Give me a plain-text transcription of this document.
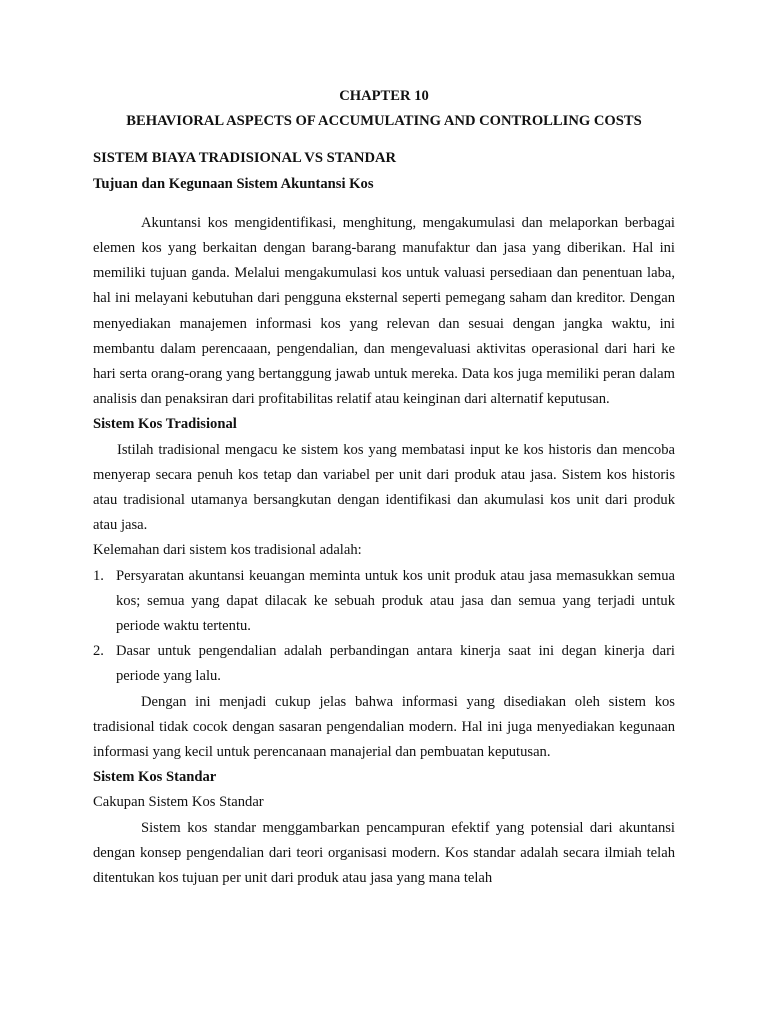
CHAPTER 10
BEHAVIORAL ASPECTS OF ACCUMULATING AND CONTROLLING COSTS
SISTEM BIAYA TRADISIONAL VS STANDAR
Tujuan dan Kegunaan Sistem Akuntansi Kos

Akuntansi kos mengidentifikasi, menghitung, mengakumulasi dan melaporkan berbagai elemen kos yang berkaitan dengan barang-barang manufaktur dan jasa yang diberikan. Hal ini memiliki tujuan ganda. Melalui mengakumulasi kos untuk valuasi persediaan dan penentuan laba, hal ini melayani kebutuhan dari pengguna eksternal seperti pemegang saham dan kreditor. Dengan menyediakan manajemen informasi kos yang relevan dan sesuai dengan jangka waktu, ini membantu dalam perencaaan, pengendalian, dan mengevaluasi aktivitas operasional dari hari ke hari serta orang-orang yang bertanggung jawab untuk mereka. Data kos juga memiliki peran dalam analisis dan penaksiran dari profitabilitas relatif atau keinginan dari alternatif keputusan.

Sistem Kos Tradisional

Istilah tradisional mengacu ke sistem kos yang membatasi input ke kos historis dan mencoba menyerap secara penuh kos tetap dan variabel per unit dari produk atau jasa. Sistem kos historis atau tradisional utamanya bersangkutan dengan identifikasi dan akumulasi kos unit dari produk atau jasa.

Kelemahan dari sistem kos tradisional adalah:

1. Persyaratan akuntansi keuangan meminta untuk kos unit produk atau jasa memasukkan semua kos; semua yang dapat dilacak ke sebuah produk atau jasa dan semua yang terjadi untuk periode waktu tertentu.
2. Dasar untuk pengendalian adalah perbandingan antara kinerja saat ini degan kinerja dari periode yang lalu.

Dengan ini menjadi cukup jelas bahwa informasi yang disediakan oleh sistem kos tradisional tidak cocok dengan sasaran pengendalian modern. Hal ini juga menyediakan kegunaan informasi yang kecil untuk perencanaan manajerial dan pembuatan keputusan.

Sistem Kos Standar

Cakupan Sistem Kos Standar

Sistem kos standar menggambarkan pencampuran efektif yang potensial dari akuntansi dengan konsep pengendalian dari teori organisasi modern. Kos standar adalah secara ilmiah telah ditentukan kos tujuan per unit dari produk atau jasa yang mana telah
